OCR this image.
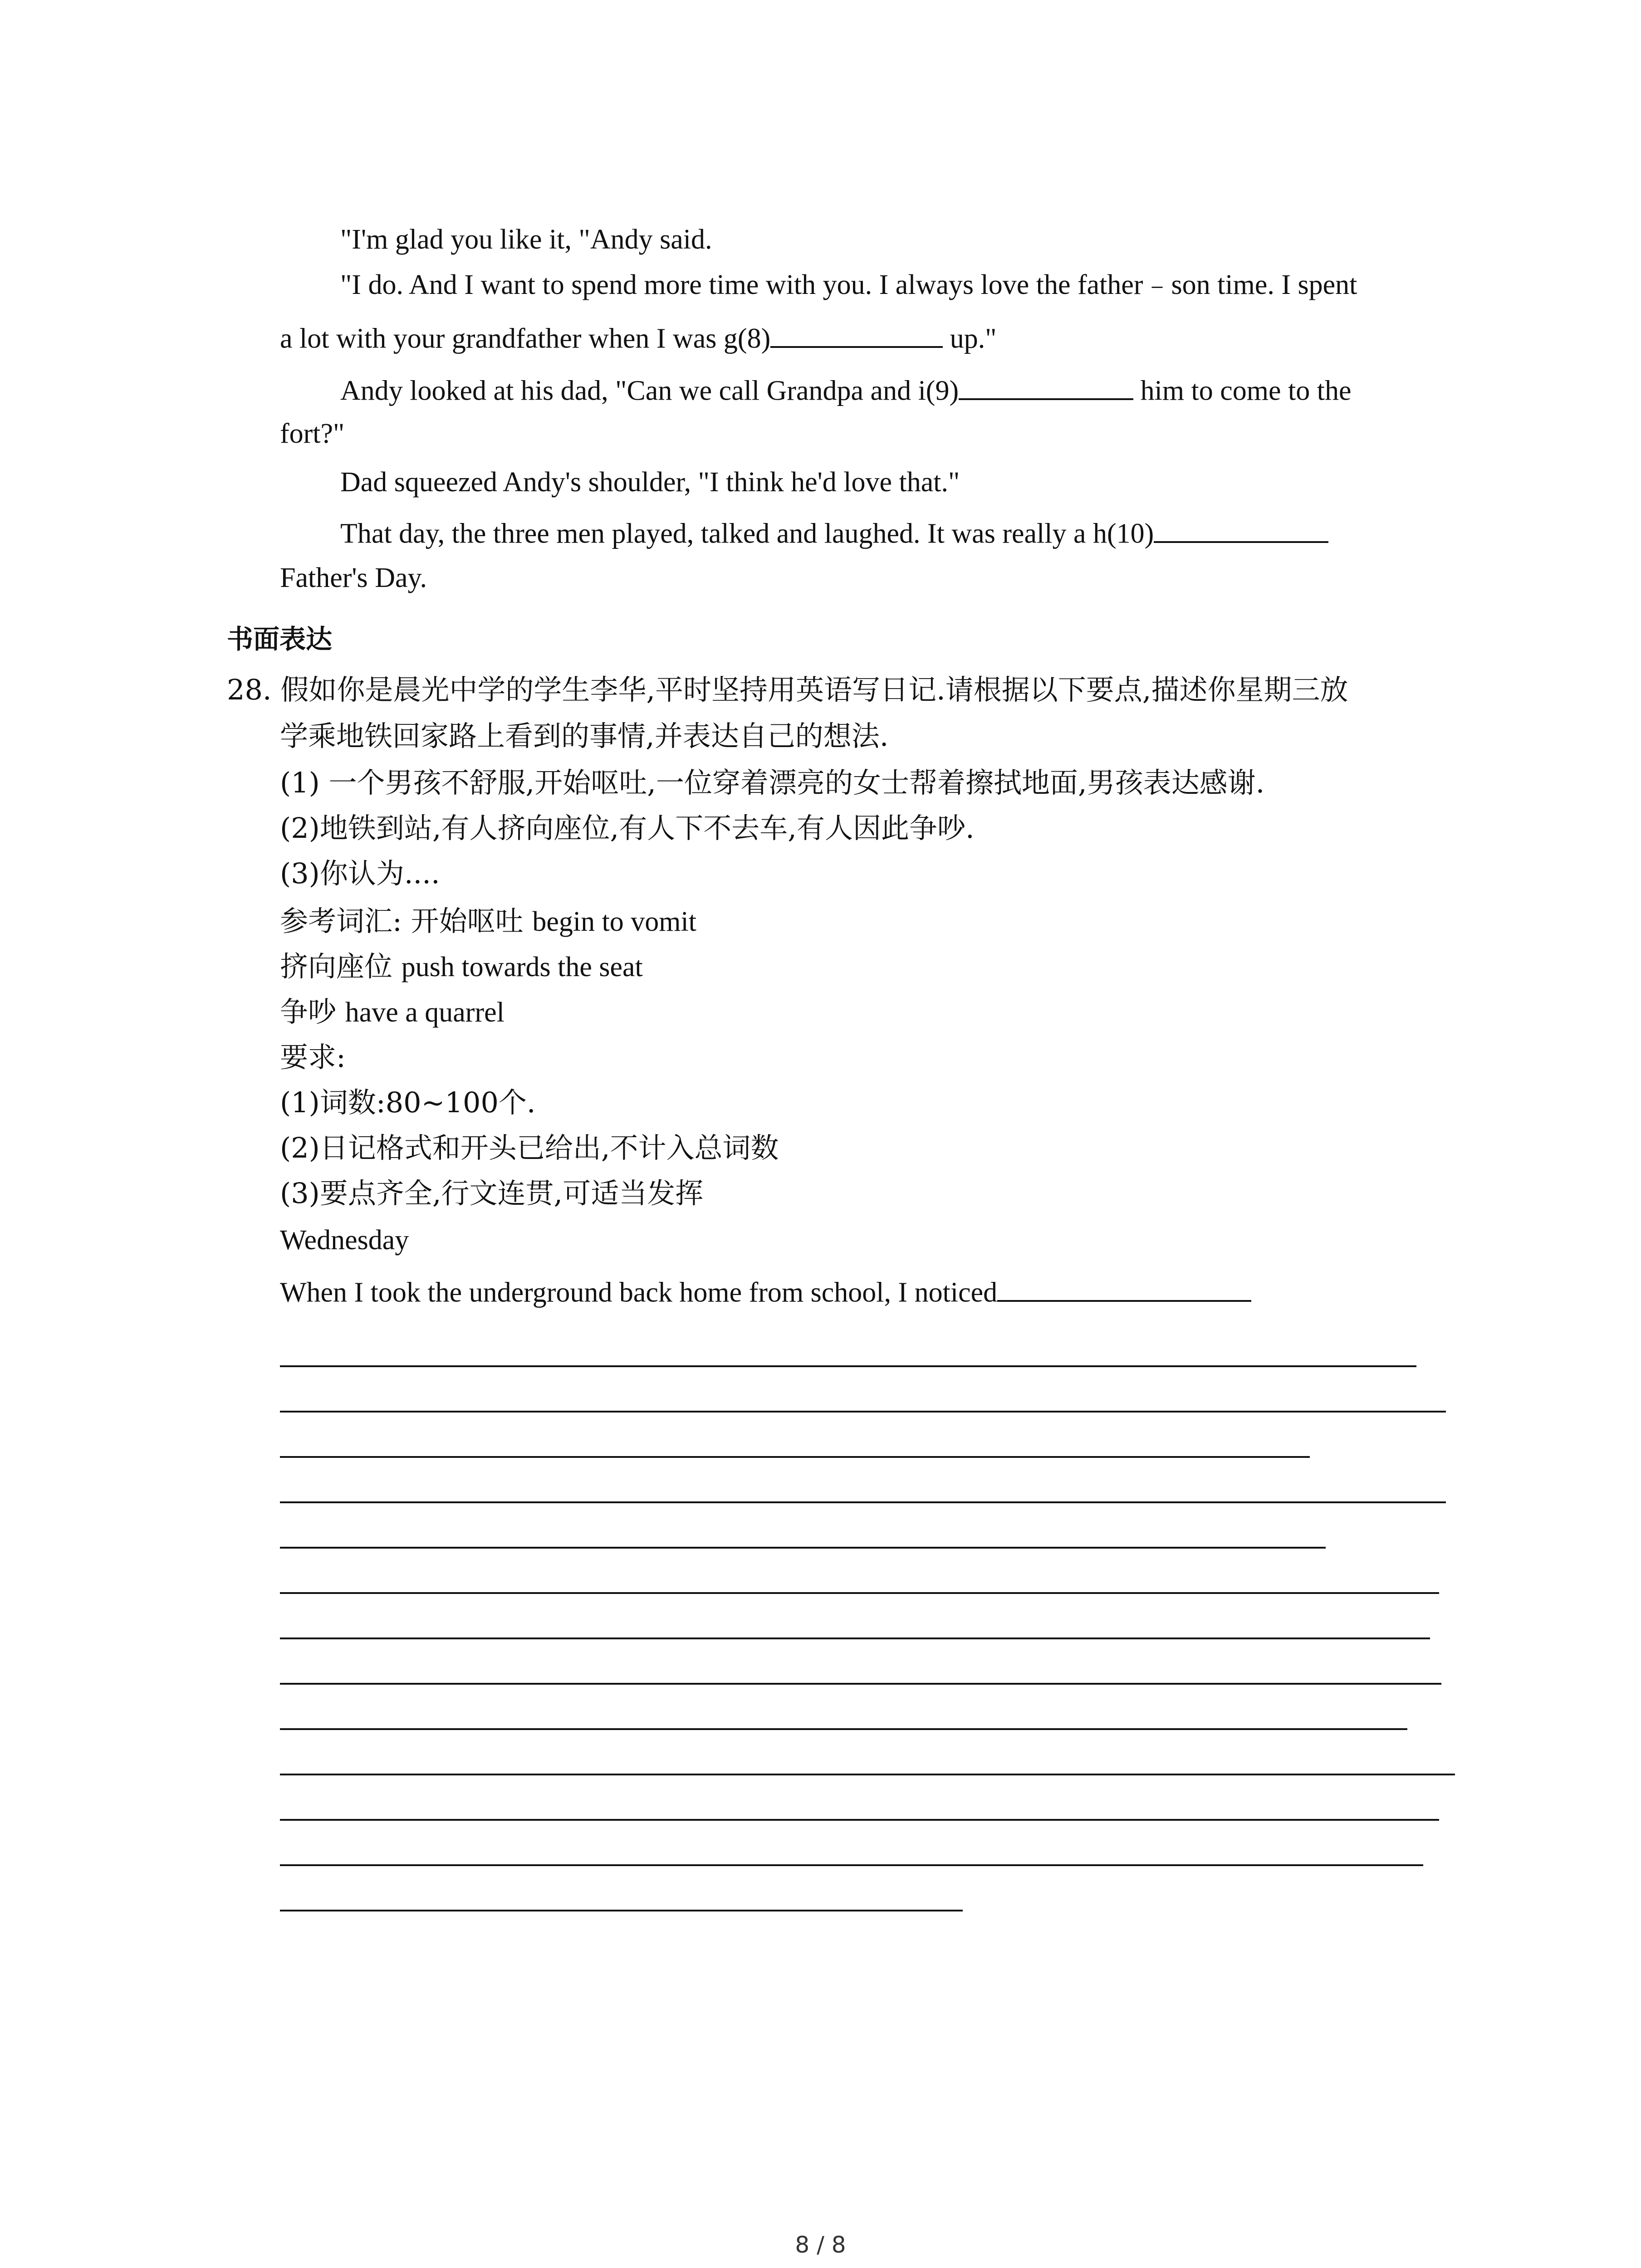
"I'm glad you like it, "Andy said.
"I do. And I want to spend more time with you. I always love the father﹣son time. I spent
a lot with your grandfather when I was g(8)	up."
Andy looked at his dad, "Can we call Grandpa and i(9)	him to come to the
fort?"
Dad squeezed Andy's shoulder, "I think he'd love that."
That day, the three men played, talked and laughed. It was really a h(10)
Father's Day.
书面表达
28. 假如你是晨光中学的学生李华,平时坚持用英语写日记.请根据以下要点,描述你星期三放
学乘地铁回家路上看到的事情,并表达自己的想法.
(1) 一个男孩不舒服,开始呕吐,一位穿着漂亮的女士帮着擦拭地面,男孩表达感谢.
(2)地铁到站,有人挤向座位,有人下不去车,有人因此争吵.
(3)你认为....
参考词汇: 开始呕吐 begin to vomit
挤向座位 push towards the seat
争吵 have a quarrel
要求:
(1)词数:80~100个.
(2)日记格式和开头已给出,不计入总词数
(3)要点齐全,行文连贯,可适当发挥
Wednesday
When I took the underground back home from school, I noticed
8 / 8
